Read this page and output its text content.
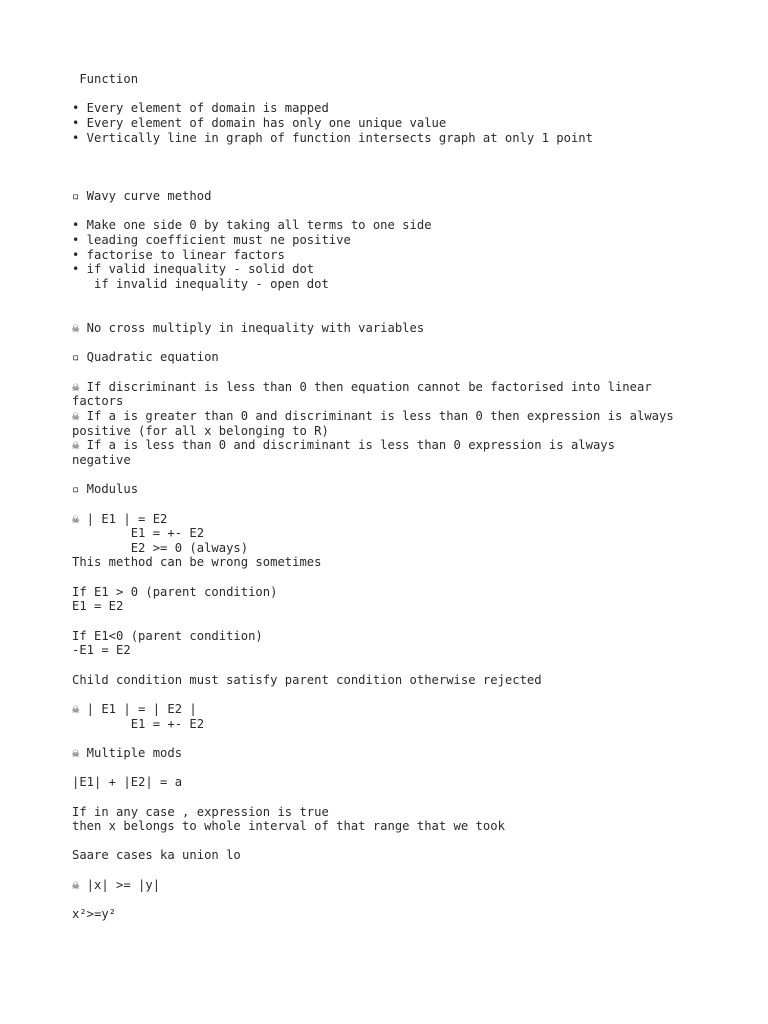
Function
• Every element of domain is mapped
• Every element of domain has only one unique value
• Vertically line in graph of function intersects graph at only 1 point
▫ Wavy curve method
• Make one side 0 by taking all terms to one side
• leading coefficient must ne positive
• factorise to linear factors
• if valid inequality - solid dot
if invalid inequality - open dot
☠ No cross multiply in inequality with variables
▫ Quadratic equation
☠ If discriminant is less than 0 then equation cannot be factorised into linear
factors
☠ If a is greater than 0 and discriminant is less than 0 then expression is always
positive (for all x belonging to R)
☠ If a is less than 0 and discriminant is less than 0 expression is always
negative
▫ Modulus
☠ | E1 | = E2
E1 = +- E2
E2 >= 0 (always)
This method can be wrong sometimes
If E1 > 0 (parent condition)
E1 = E2
If E1<0 (parent condition)
-E1 = E2
Child condition must satisfy parent condition otherwise rejected
☠ | E1 | = | E2 |
E1 = +- E2
☠ Multiple mods
|E1| + |E2| = a
If in any case , expression is true
then x belongs to whole interval of that range that we took
Saare cases ka union lo
☠ |x| >= |y|
x²>=y²
